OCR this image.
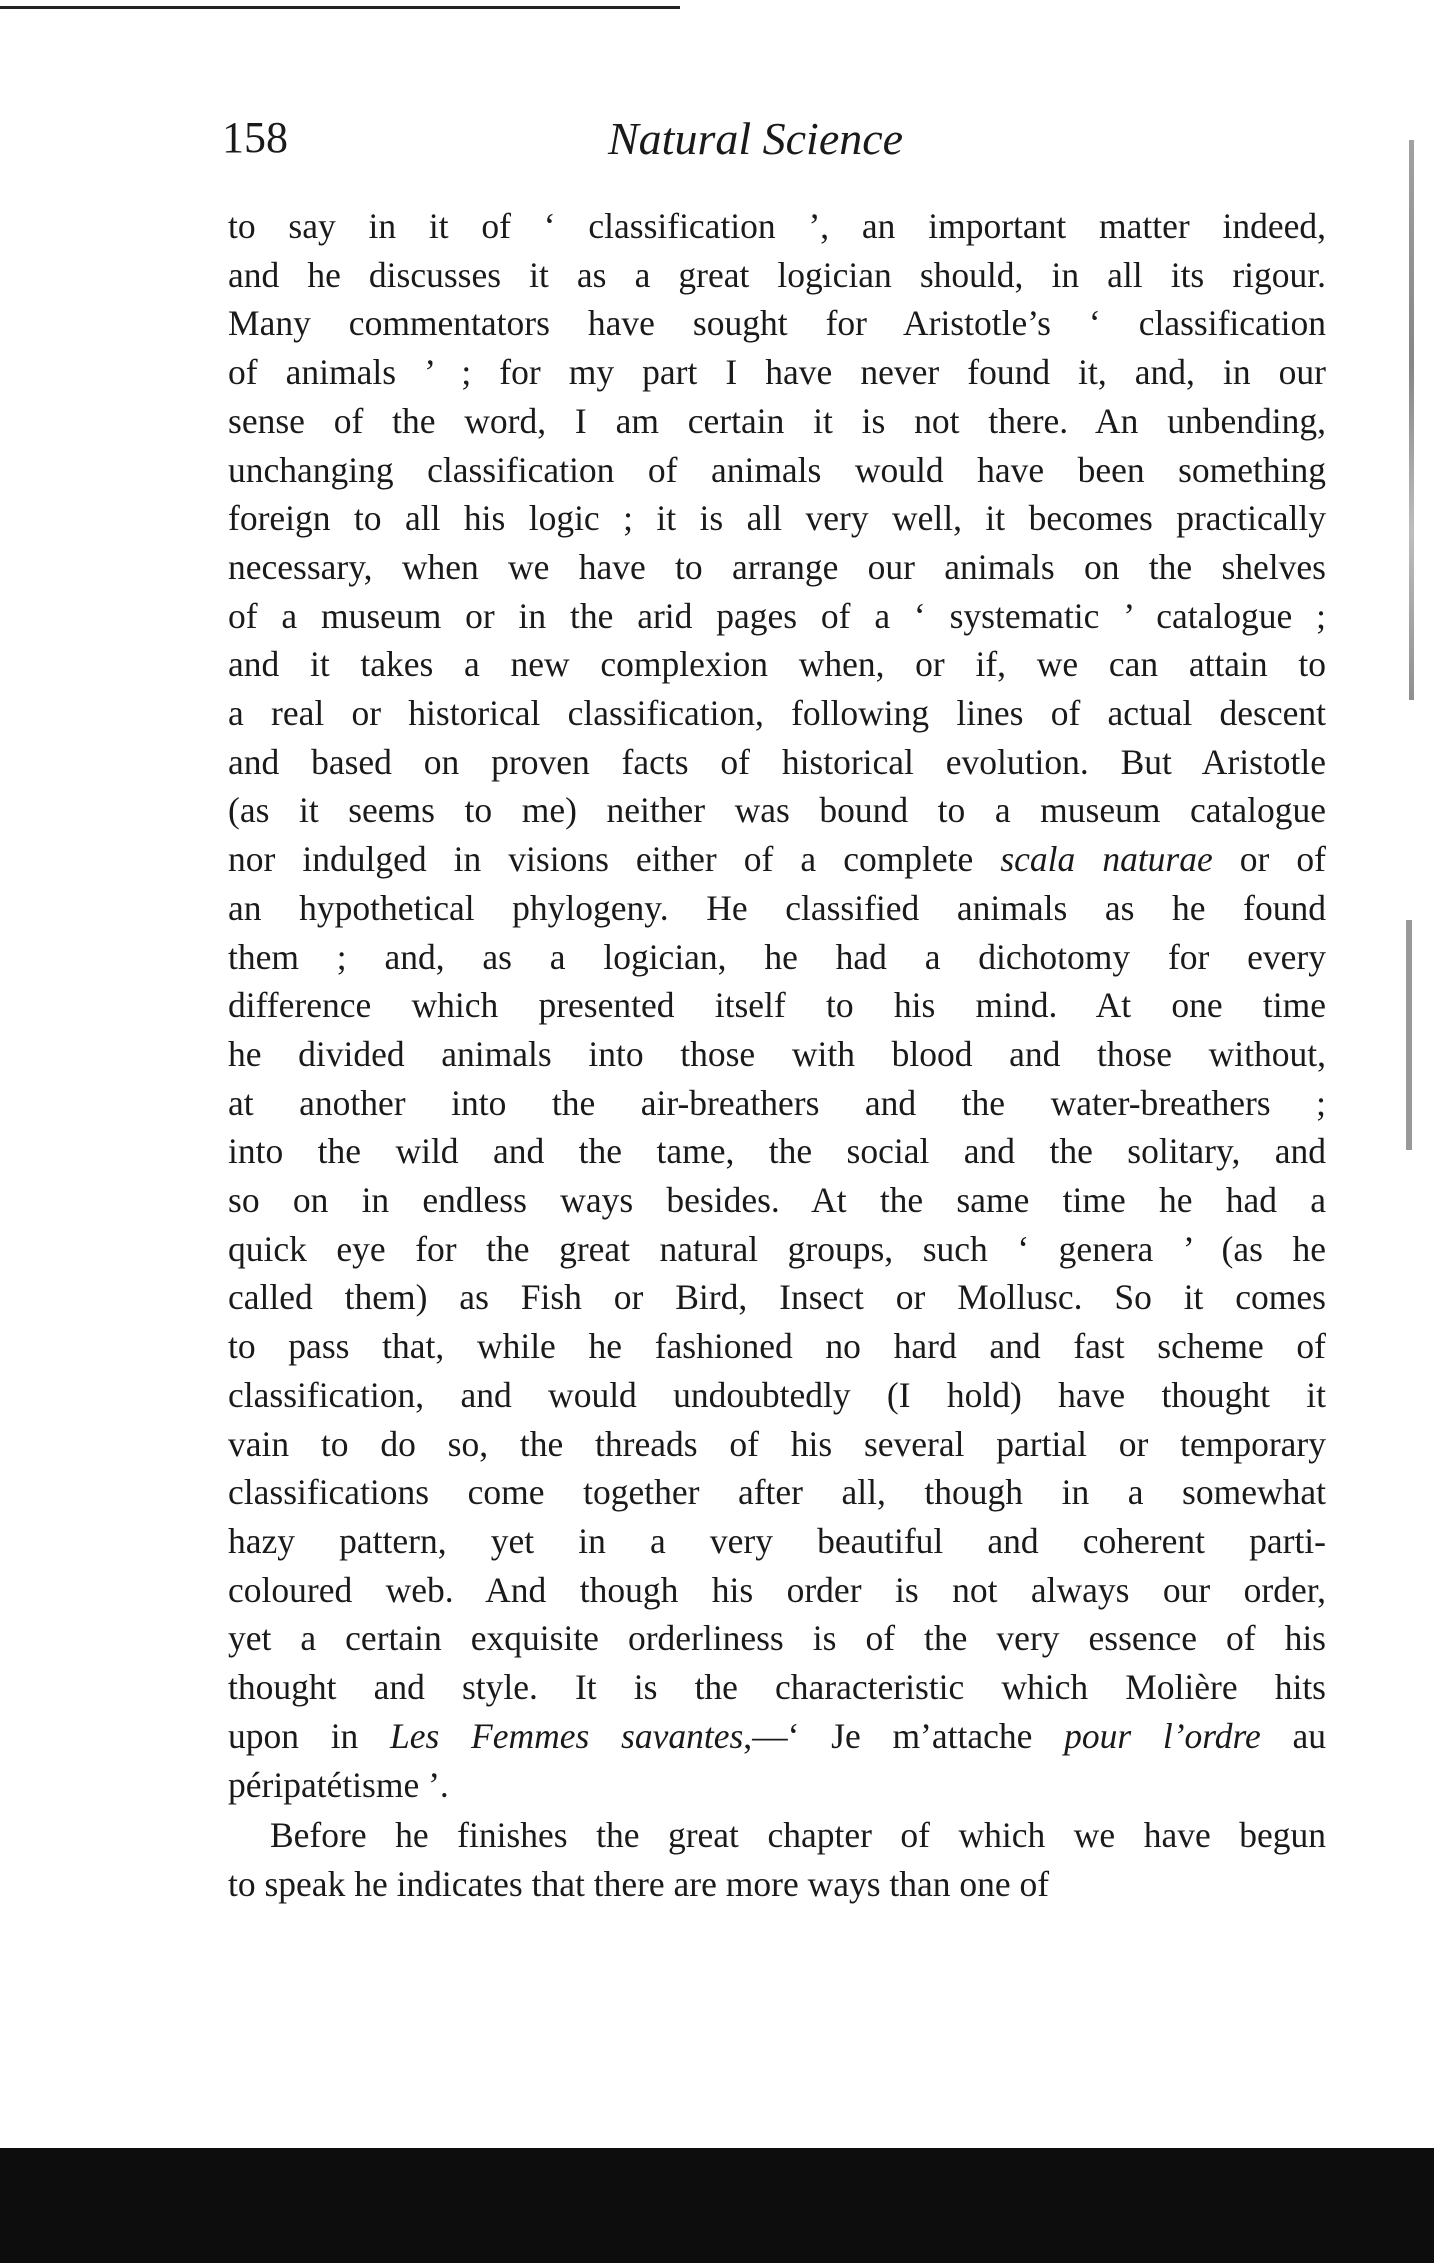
158	Natural Science

to say in it of ‘ classification ’, an important matter indeed,
and he discusses it as a great logician should, in all its rigour.
Many commentators have sought for Aristotle’s ‘ classification
of animals ’ ; for my part I have never found it, and, in our
sense of the word, I am certain it is not there. An unbending,
unchanging classification of animals would have been something
foreign to all his logic ; it is all very well, it becomes practically
necessary, when we have to arrange our animals on the shelves
of a museum or in the arid pages of a ‘ systematic ’ catalogue ;
and it takes a new complexion when, or if, we can attain to
a real or historical classification, following lines of actual descent
and based on proven facts of historical evolution. But Aristotle
(as it seems to me) neither was bound to a museum catalogue
nor indulged in visions either of a complete scala naturae or of
an hypothetical phylogeny. He classified animals as he found
them ; and, as a logician, he had a dichotomy for every
difference which presented itself to his mind. At one time
he divided animals into those with blood and those without,
at another into the air-breathers and the water-breathers ;
into the wild and the tame, the social and the solitary, and
so on in endless ways besides. At the same time he had a
quick eye for the great natural groups, such ‘ genera ’ (as he
called them) as Fish or Bird, Insect or Mollusc. So it comes
to pass that, while he fashioned no hard and fast scheme of
classification, and would undoubtedly (I hold) have thought it
vain to do so, the threads of his several partial or temporary
classifications come together after all, though in a somewhat
hazy pattern, yet in a very beautiful and coherent parti-
coloured web. And though his order is not always our order,
yet a certain exquisite orderliness is of the very essence of his
thought and style. It is the characteristic which Molière hits
upon in Les Femmes savantes,—‘ Je m’attache pour l’ordre au
péripatétisme ’.

Before he finishes the great chapter of which we have begun
to speak he indicates that there are more ways than one of
